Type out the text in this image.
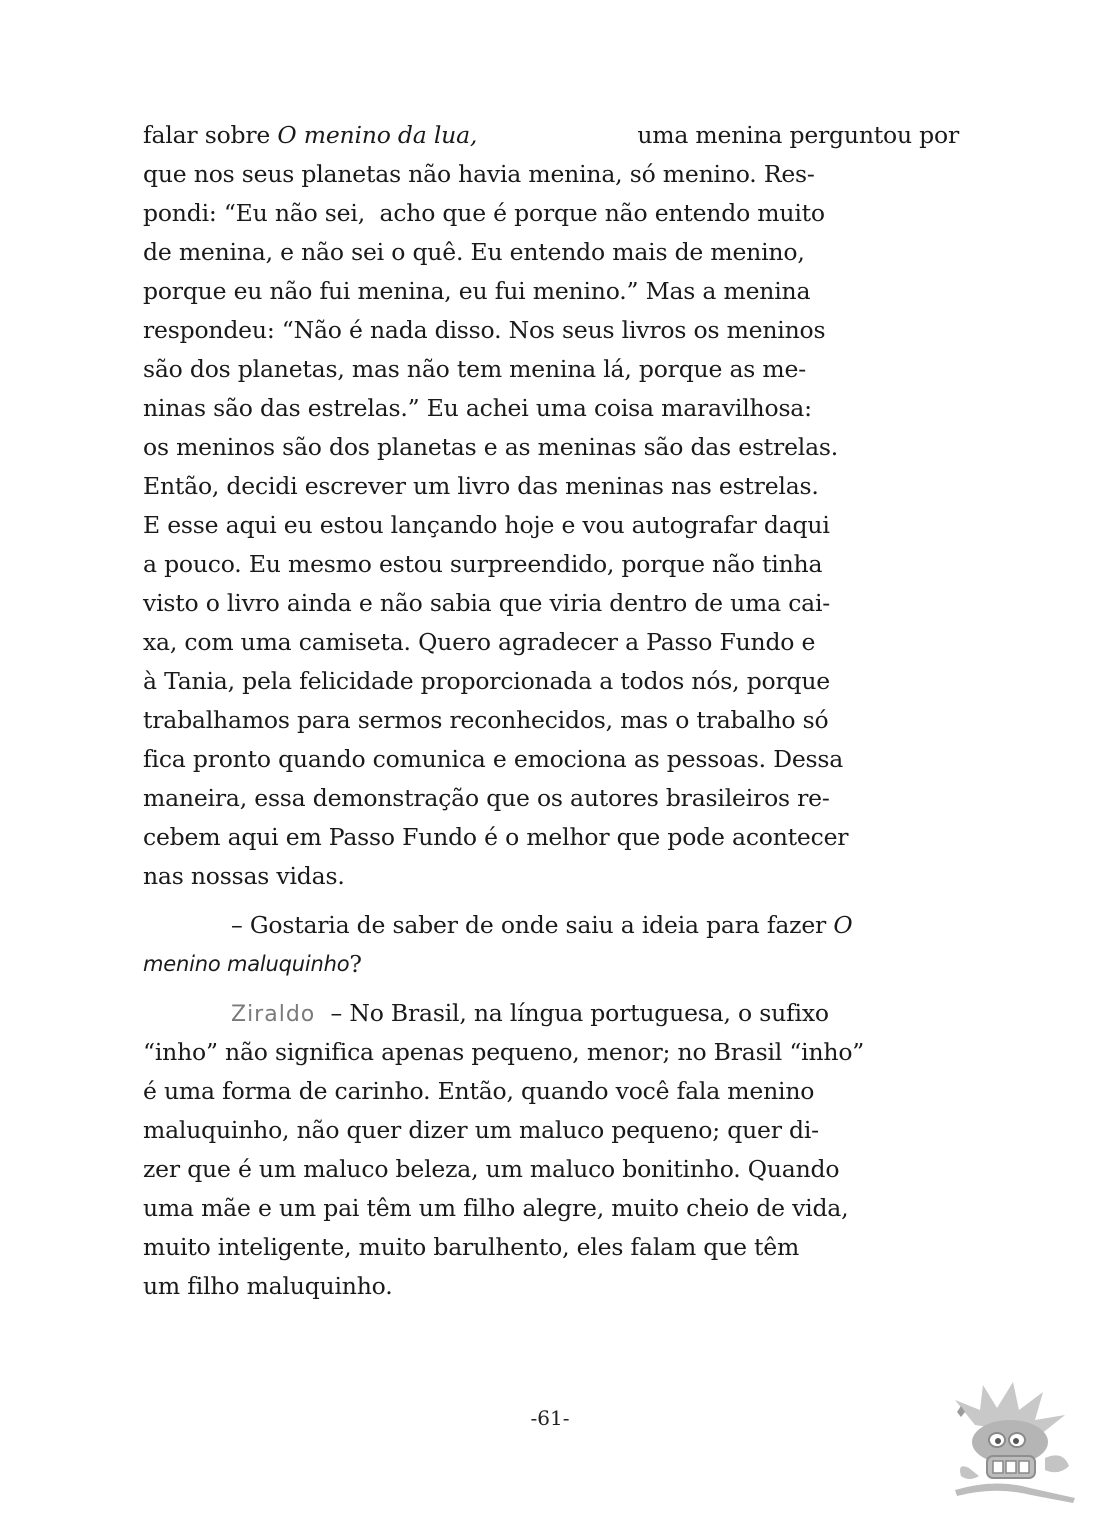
falar sobre O menino da lua,	uma menina perguntou por
que nos seus planetas não havia menina, só menino. Res-
pondi: “Eu não sei,  acho que é porque não entendo muito
de menina, e não sei o quê. Eu entendo mais de menino,
porque eu não fui menina, eu fui menino.” Mas a menina
respondeu: “Não é nada disso. Nos seus livros os meninos
são dos planetas, mas não tem menina lá, porque as me-
ninas são das estrelas.” Eu achei uma coisa maravilhosa:
os meninos são dos planetas e as meninas são das estrelas.
Então, decidi escrever um livro das meninas nas estrelas.
E esse aqui eu estou lançando hoje e vou autografar daqui
a pouco. Eu mesmo estou surpreendido, porque não tinha
visto o livro ainda e não sabia que viria dentro de uma cai-
xa, com uma camiseta. Quero agradecer a Passo Fundo e
à Tania, pela felicidade proporcionada a todos nós, porque
trabalhamos para sermos reconhecidos, mas o trabalho só
fica pronto quando comunica e emociona as pessoas. Dessa
maneira, essa demonstração que os autores brasileiros re-
cebem aqui em Passo Fundo é o melhor que pode acontecer
nas nossas vidas.
– Gostaria de saber de onde saiu a ideia para fazer O
menino maluquinho ?
Ziraldo – No Brasil, na língua portuguesa, o sufixo
“inho” não significa apenas pequeno, menor; no Brasil “inho”
é uma forma de carinho. Então, quando você fala menino
maluquinho, não quer dizer um maluco pequeno; quer di-
zer que é um maluco beleza, um maluco bonitinho. Quando
uma mãe e um pai têm um filho alegre, muito cheio de vida,
muito inteligente, muito barulhento, eles falam que têm
um filho maluquinho.
-61-
